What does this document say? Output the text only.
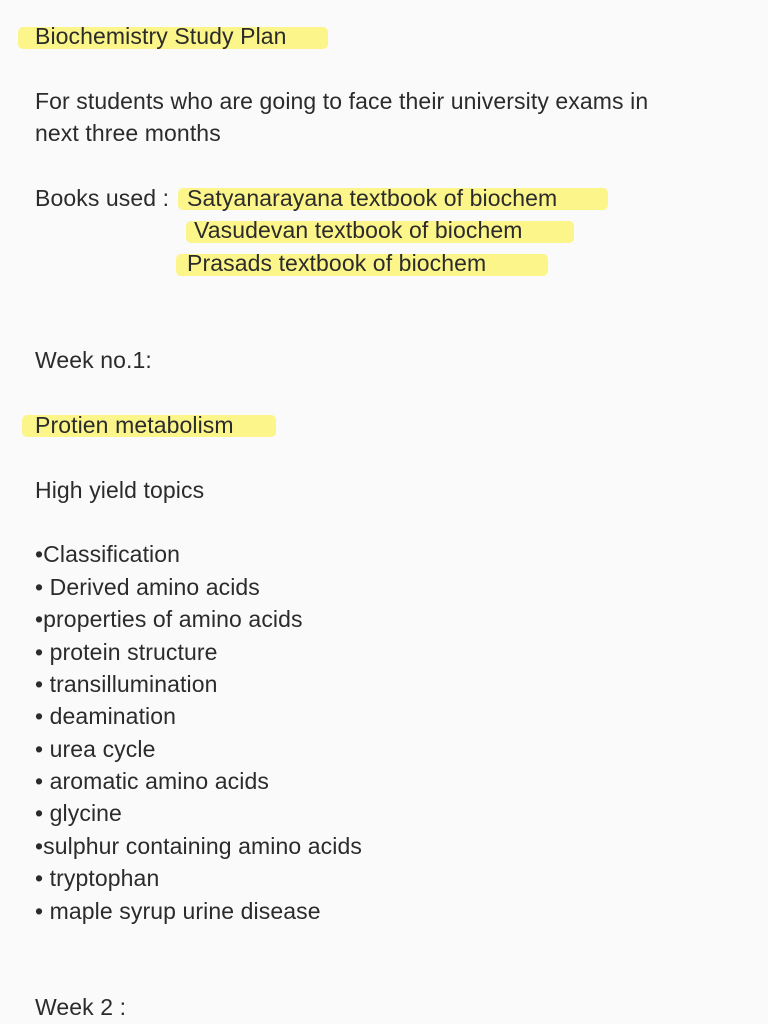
Biochemistry Study Plan
For students who are going to face their university exams in
next three months
Books used : Satyanarayana textbook of biochem
Vasudevan textbook of biochem
Prasads textbook of biochem
Week no.1:
Protien metabolism
High yield topics
•Classification
• Derived amino acids
•properties of amino acids
• protein structure
• transillumination
• deamination
• urea cycle
• aromatic amino acids
• glycine
•sulphur containing amino acids
• tryptophan
• maple syrup urine disease
Week 2 :
